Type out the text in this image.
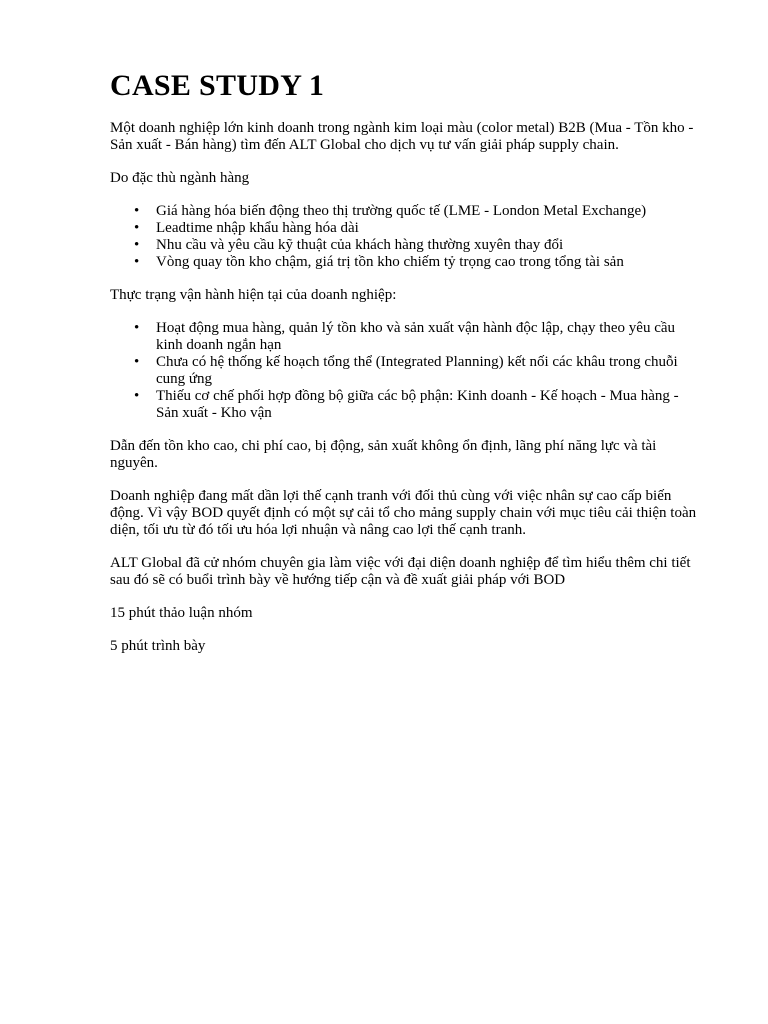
CASE STUDY 1

Một doanh nghiệp lớn kinh doanh trong ngành kim loại màu (color metal) B2B (Mua - Tồn kho - Sản xuất - Bán hàng) tìm đến ALT Global cho dịch vụ tư vấn giải pháp supply chain.

Do đặc thù ngành hàng

• Giá hàng hóa biến động theo thị trường quốc tế (LME - London Metal Exchange)
• Leadtime nhập khẩu hàng hóa dài
• Nhu cầu và yêu cầu kỹ thuật của khách hàng thường xuyên thay đổi
• Vòng quay tồn kho chậm, giá trị tồn kho chiếm tỷ trọng cao trong tổng tài sản

Thực trạng vận hành hiện tại của doanh nghiệp:

• Hoạt động mua hàng, quản lý tồn kho và sản xuất vận hành độc lập, chạy theo yêu cầu kinh doanh ngắn hạn
• Chưa có hệ thống kế hoạch tổng thể (Integrated Planning) kết nối các khâu trong chuỗi cung ứng
• Thiếu cơ chế phối hợp đồng bộ giữa các bộ phận: Kinh doanh - Kế hoạch - Mua hàng - Sản xuất - Kho vận

Dẫn đến tồn kho cao, chi phí cao, bị động, sản xuất không ổn định, lãng phí năng lực và tài nguyên.

Doanh nghiệp đang mất dần lợi thế cạnh tranh với đối thủ cùng với việc nhân sự cao cấp biến động. Vì vậy BOD quyết định có một sự cải tổ cho mảng supply chain với mục tiêu cải thiện toàn diện, tối ưu từ đó tối ưu hóa lợi nhuận và nâng cao lợi thế cạnh tranh.

ALT Global đã cử nhóm chuyên gia làm việc với đại diện doanh nghiệp để tìm hiểu thêm chi tiết sau đó sẽ có buổi trình bày về hướng tiếp cận và đề xuất giải pháp với BOD

15 phút thảo luận nhóm

5 phút trình bày
